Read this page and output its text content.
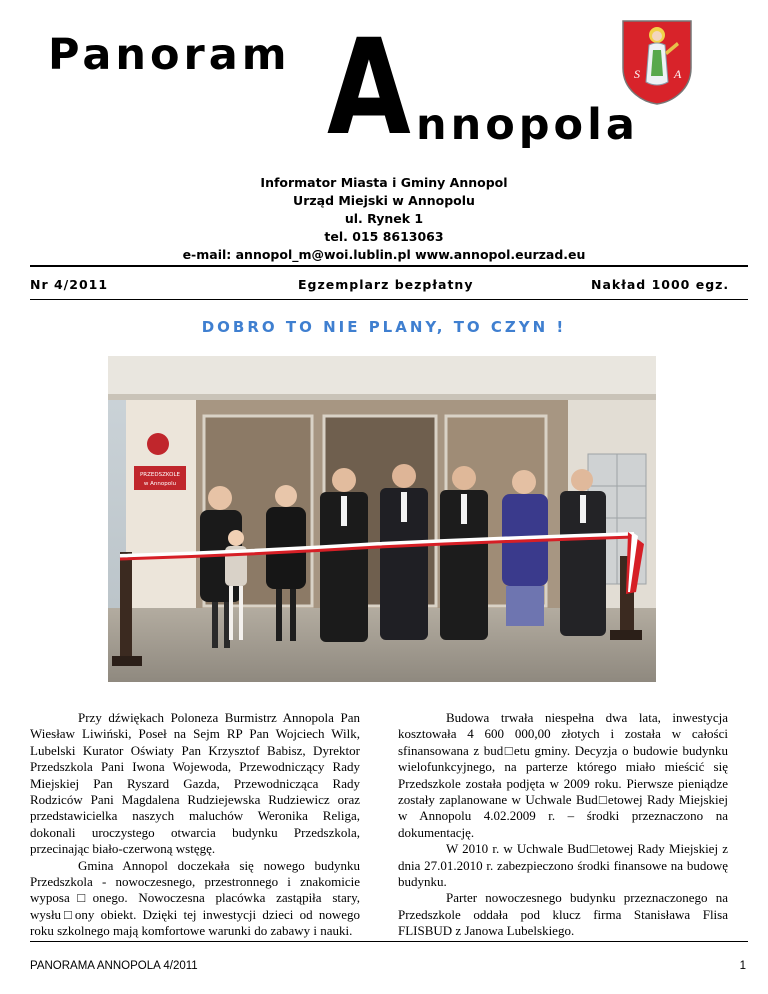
Panoram A nnopola
S	A
Informator Miasta i Gminy Annopol
Urząd Miejski w Annopolu
ul. Rynek 1
tel. 015 8613063
e-mail: annopol_m@woi.lublin.pl www.annopol.eurzad.eu
Nr 4/2011	Egzemplarz bezpłatny	Nakład 1000 egz.
DOBRO TO NIE PLANY, TO CZYN !
PRZEDSZKOLE
w Annopolu

Przy dźwiękach Poloneza Burmistrz Annopola Pan Wiesław Liwiński, Poseł na Sejm RP Pan Wojciech Wilk, Lubelski Kurator Oświaty Pan Krzysztof Babisz, Dyrektor Przedszkola Pani Iwona Wojewoda, Przewodniczący Rady Miejskiej Pan Ryszard Gazda, Przewodnicząca Rady Rodziców Pani Magdalena Rudziejewska Rudziewicz oraz przedstawicielka naszych maluchów Weronika Religa, dokonali uroczystego otwarcia budynku Przedszkola, przecinając biało-czerwoną wstęgę.

Gmina Annopol doczekała się nowego budynku Przedszkola - nowoczesnego, przestronnego i znakomicie wyposa□onego. Nowoczesna placówka zastąpiła stary, wysłu□ony obiekt. Dzięki tej inwestycji dzieci od nowego roku szkolnego mają komfortowe warunki do zabawy i nauki.

Budowa trwała niespełna dwa lata, inwestycja kosztowała 4 600 000,00 złotych i została w całości sfinansowana z bud□etu gminy. Decyzja o budowie budynku wielofunkcyjnego, na parterze którego miało mieścić się Przedszkole została podjęta w 2009 roku. Pierwsze pieniądze zostały zaplanowane w Uchwale Bud□etowej Rady Miejskiej w Annopolu 4.02.2009 r. – środki przeznaczono na dokumentację.

W 2010 r. w Uchwale Bud□etowej Rady Miejskiej z dnia 27.01.2010 r. zabezpieczono środki finansowe na budowę budynku.

Parter nowoczesnego budynku przeznaczonego na Przedszkole oddała pod klucz firma Stanisława Flisa FLISBUD z Janowa Lubelskiego.

PANORAMA ANNOPOLA 4/2011	1
